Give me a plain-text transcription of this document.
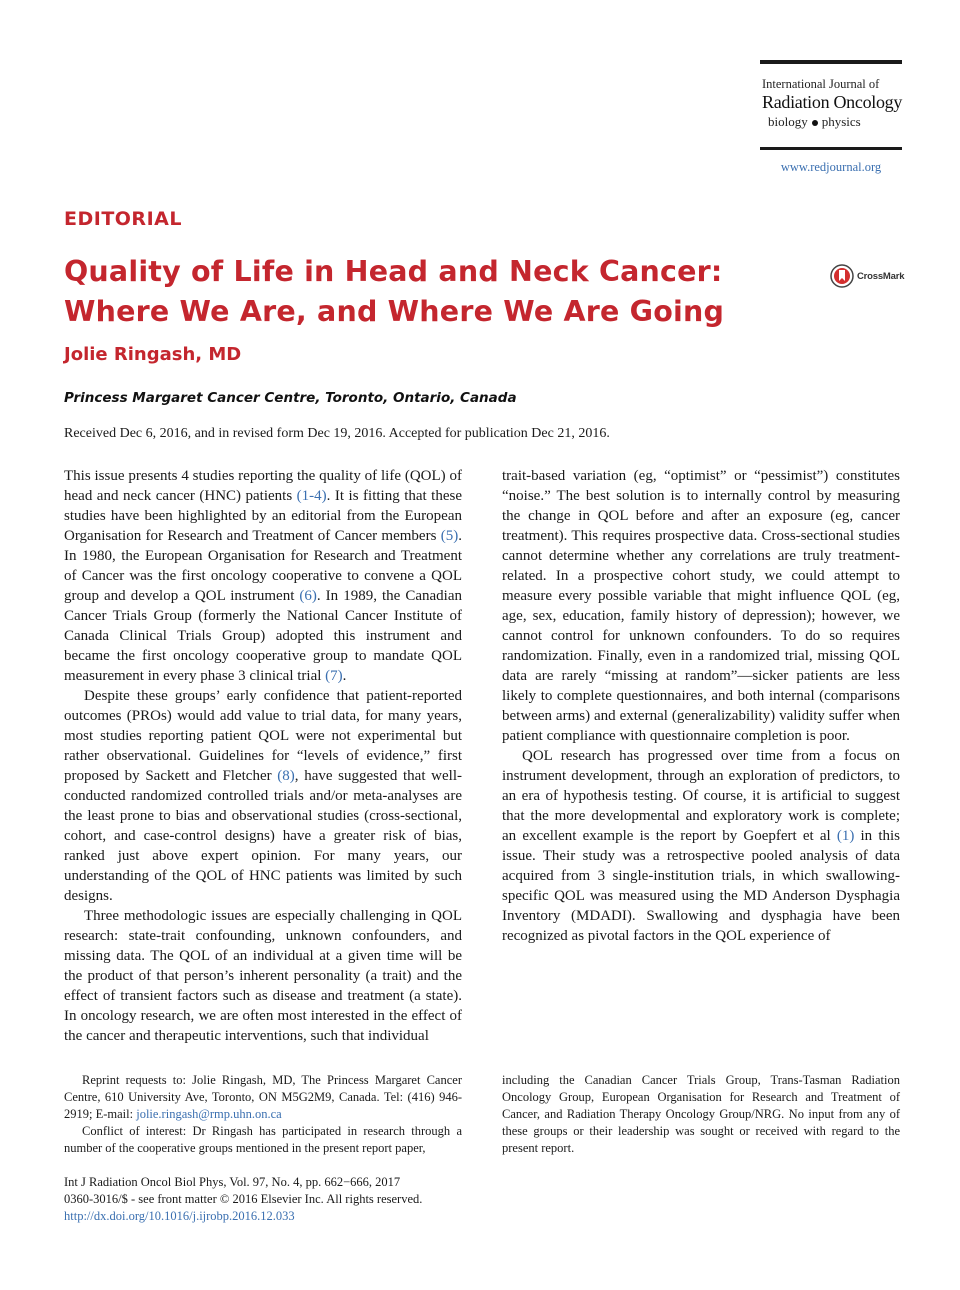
International Journal of
Radiation Oncology
biology physics
www.redjournal.org
EDITORIAL
Quality of Life in Head and Neck Cancer: Where We Are, and Where We Are Going
CrossMark
Jolie Ringash, MD
Princess Margaret Cancer Centre, Toronto, Ontario, Canada
Received Dec 6, 2016, and in revised form Dec 19, 2016. Accepted for publication Dec 21, 2016.

This issue presents 4 studies reporting the quality of life (QOL) of head and neck cancer (HNC) patients (1-4). It is fitting that these studies have been highlighted by an editorial from the European Organisation for Research and Treatment of Cancer members (5). In 1980, the European Organisation for Research and Treatment of Cancer was the first oncology cooperative to convene a QOL group and develop a QOL instrument (6). In 1989, the Canadian Cancer Trials Group (formerly the National Cancer Institute of Canada Clinical Trials Group) adopted this instrument and became the first oncology cooperative group to mandate QOL measurement in every phase 3 clinical trial (7).

Despite these groups’ early confidence that patient-reported outcomes (PROs) would add value to trial data, for many years, most studies reporting patient QOL were not experimental but rather observational. Guidelines for “levels of evidence,” first proposed by Sackett and Fletcher (8), have suggested that well-conducted randomized controlled trials and/or meta-analyses are the least prone to bias and observational studies (cross-sectional, cohort, and case-control designs) have a greater risk of bias, ranked just above expert opinion. For many years, our understanding of the QOL of HNC patients was limited by such designs.

Three methodologic issues are especially challenging in QOL research: state-trait confounding, unknown confounders, and missing data. The QOL of an individual at a given time will be the product of that person’s inherent personality (a trait) and the effect of transient factors such as disease and treatment (a state). In oncology research, we are often most interested in the effect of the cancer and therapeutic interventions, such that individual

trait-based variation (eg, “optimist” or “pessimist”) constitutes “noise.” The best solution is to internally control by measuring the change in QOL before and after an exposure (eg, cancer treatment). This requires prospective data. Cross-sectional studies cannot determine whether any correlations are truly treatment-related. In a prospective cohort study, we could attempt to measure every possible variable that might influence QOL (eg, age, sex, education, family history of depression); however, we cannot control for unknown confounders. To do so requires randomization. Finally, even in a randomized trial, missing QOL data are rarely “missing at random”—sicker patients are less likely to complete questionnaires, and both internal (comparisons between arms) and external (generalizability) validity suffer when patient compliance with questionnaire completion is poor.

QOL research has progressed over time from a focus on instrument development, through an exploration of predictors, to an era of hypothesis testing. Of course, it is artificial to suggest that the more developmental and exploratory work is complete; an excellent example is the report by Goepfert et al (1) in this issue. Their study was a retrospective pooled analysis of data acquired from 3 single-institution trials, in which swallowing-specific QOL was measured using the MD Anderson Dysphagia Inventory (MDADI). Swallowing and dysphagia have been recognized as pivotal factors in the QOL experience of

Reprint requests to: Jolie Ringash, MD, The Princess Margaret Cancer Centre, 610 University Ave, Toronto, ON M5G2M9, Canada. Tel: (416) 946-2919; E-mail: jolie.ringash@rmp.uhn.on.ca

Conflict of interest: Dr Ringash has participated in research through a number of the cooperative groups mentioned in the present report paper,

including the Canadian Cancer Trials Group, Trans-Tasman Radiation Oncology Group, European Organisation for Research and Treatment of Cancer, and Radiation Therapy Oncology Group/NRG. No input from any of these groups or their leadership was sought or received with regard to the present report.

Int J Radiation Oncol Biol Phys, Vol. 97, No. 4, pp. 662−666, 2017
0360-3016/$ - see front matter © 2016 Elsevier Inc. All rights reserved.
http://dx.doi.org/10.1016/j.ijrobp.2016.12.033
